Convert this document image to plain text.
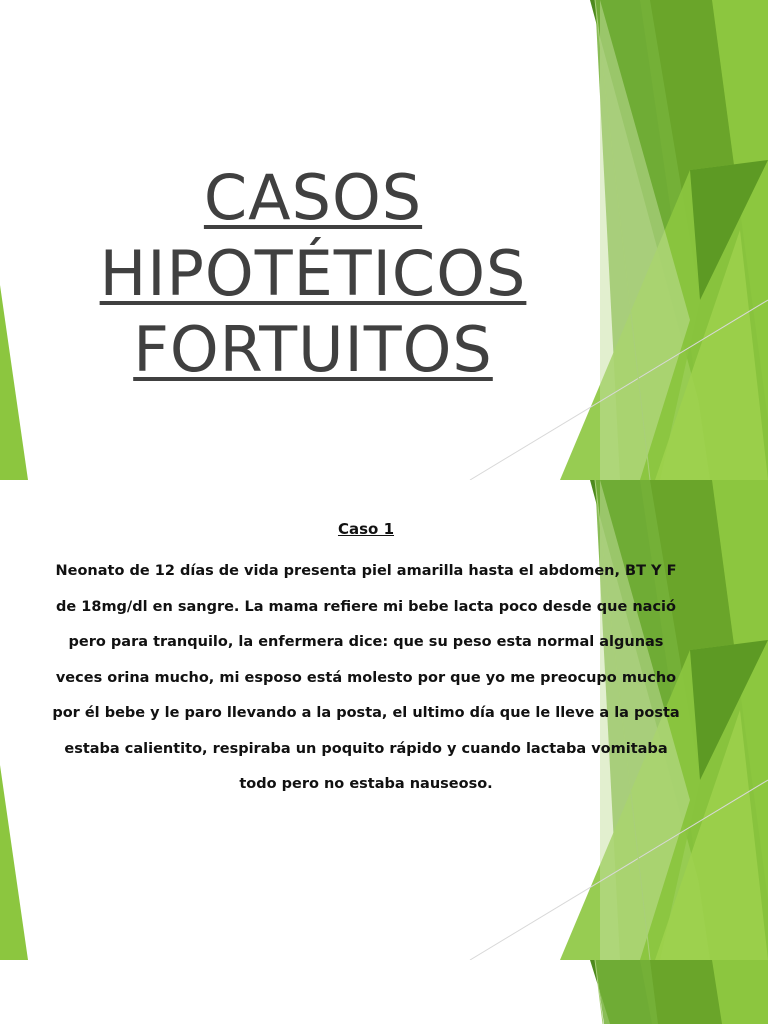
CASOS
HIPOTÉTICOS
FORTUITOS
Caso 1
Neonato de 12 días de vida presenta piel amarilla hasta el abdomen, BT Y F de 18mg/dl en sangre. La mama refiere mi bebe lacta poco desde que nació pero para tranquilo, la enfermera dice: que su peso esta normal algunas veces orina mucho, mi esposo está molesto por que yo me preocupo mucho por él bebe y le paro llevando a la posta, el ultimo día que le lleve a la posta estaba calientito, respiraba un poquito rápido y cuando lactaba vomitaba todo pero no estaba nauseoso.
